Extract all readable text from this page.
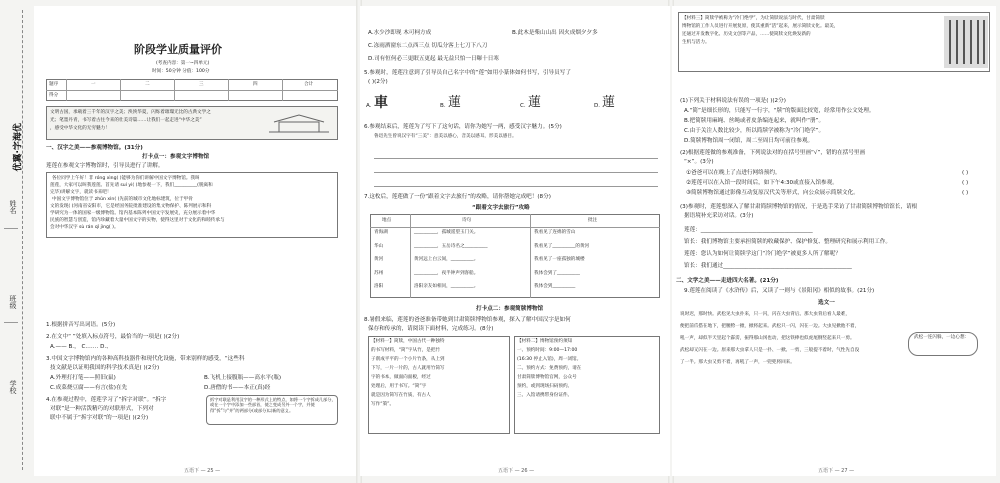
优翼·字海优
姓名
班级
学校
阶段学业质量评价
(考查内容：第一~四单元)
时间：50分钟 分值：100分
题序	一	二	三	四	合计
得分
文明古国，承载着三千年的汉字之美；泱泱华夏，闪烁着璀璨无比的古典文学之
光；笔墨丹青，书写着古往今来的壮美诗篇……让我们一起走进“中华之美”
，感受中华文化的无穷魅力！
一、汉字之美——参观博物馆。(31分)
打卡点一：参观文字博物馆
莲莲在参观文字博物馆时，引导员进行了讲解。
各位同学上午好！非 rónɡ xìnɡ( )能够为你们讲解中国文字博物馆。我叫
莲莲，大家可以叫我莲莲。首先请 suí yì( )地参观一下，我们__________(脱离和
完毕)讲解文字，就读书来吧！
中国文字博物馆位于 zhǔn xìn( )先前的城市文化地标建筑，位于甲骨
文的发现( )河南省安阳市，它是经国务院批准建设的集文物保护、陈列展示和科
学研究为一体的国家一级博物馆。馆内基本陈列中国文字发展史，充分展示着中华
民族的智慧与创造，馆内珍藏着大量中国文字的实物，使得这里对于文化的和睦传承与
会对中华汉字 sù rán qǐ jìnɡ( )。
1.根据拼音写出词语。(5分)
2.在文中“ ”处填入标点符号，最恰当的一项是( )(2分)
A.—— B.， C.…… D.、
3.中国文字博物馆内的各种高科技器件和现代化设施，带来别样的感受，“这些科
技文献是以证明我国的科学技术真是( )(2分)
A.外理打打笔——照旧(鼠)	B.飞机上接腹瓶——高水平(瓶)
C.成菜烧豆腐——有言(盐)在先	D.唐僧的书——本正(真)经
4.在参观过程中，莲莲学习了“拆字对联”。“拆字
对联”是一种活泼精巧的对联形式，下列对
联中不属于“拆字对联”的一项是( )(2分)
拆字对联是利用汉字的一种形式上的特点，如将一个字拆成几部分，或在一个字中添加一些部首，使之变成另外一个字，并使得“拆”与“并”的两部分(或部分)以新的意义。
五语下 — 25 —
A.水少沙即现 木可柯方成	B.此木是柴山山出 因火成烟夕夕多
C.冻雨洒窗东二点西三点 切瓜分客上七刀下八刀
D.司有恒何必三更眠五更起 最无益只怕一日曝十日寒
5.参观时，莲莲注意到了引导员自己名字中的“莲”如用小篆体如何书写，引导员写了
( )(2分)
A. 車	B. 蓮	C. 蓮	D. 蓮
6.参观结束后，莲莲为了写下了这句话，请你为她写一两，感受汉字魅力。(5分)
鲁迅先生曾说汉字有“三美”：意美以感心，音美以感耳，形美以感目。
7.这枚后，莲莲做了一份“跟着文字去旅行”的攻略，请你帮她完成吧！(8分)
“跟着文字去旅行”攻略
地点	诗句	批注
青海湖	__________，孤城遥望玉门关。	我看见了连绵的雪山
华山	__________，五岳诗名之__________	我看见了__________的黄河
黄河	黄河远上白云间，__________。	我看见了一座孤独的城楼
苏州	__________，夜半钟声到客船。	我体会到了__________
洛阳	洛阳亲友如相问，__________。	我体会到__________
打卡点二：参观简牍博物馆
8.暑假来临，莲莲的爸爸准备带她到甘肃简牍博物馆参观，探入了解中国汉字是如何
保存和传承的，请阅读下面材料，完成练习。(8分)
【材料一】简牍，中国古代一种独特	【材料二】博物馆预约须知
的书写材料，“简”字从竹，是把竹
子削成平平的一个小片竹条，从上到
下写，一片一片的，古人就用竹简写
字的书本，做面向面板，经过
处理后，用于书写。“简”字
就是因为简写在竹质，有古人
写作“策”。
一、预约时间：9:00—17:00
(16:30 停止入馆)，周一闭馆。
二、预约方式：免费预约，请在
甘肃简牍博物馆官网，公众号
预约，或到现场扫码预约。
三、入馆请携带身份证件。
五语下 — 26 —
【材料三】简牍学被称为“冷门绝学”，为让简牍说法与时代，甘肃简牍
博物馆的工作人员进行开展复原，使其重新“活”起来，展示简牍文化。最美，
还通过开发数字化、历史文创等产品，……使简牍文化焕发新的
生机与活力。
(1)下列关于材料说法有误的一项是( )(2分)
A.“简”是细长形的，只能写一行字，“牍”的版面比较宽，经常用作公文处理。
B.把简牍用麻绳、丝绳或者皮条编连起来，就叫作“册”。
C.由于关注人数比较少，所以简牍学被称为“冷门绝学”。
D.简牍博物馆周一闭馆，周二至周日均可前往参观。
(2)根据莲莲做的参观准备，下列说法对的在括号里画“√”，错的在括号里画
“×”。(3分)
①爸爸可以在晚上了点进行网络预约。	( )
②莲莲可以在入馆一段时间后，如下午4:30或直接入馆参观。	( )
③简牍博物馆通过影像互动复原汉代关等形式，向公众展示简牍文化。	( )
(3)参观时，莲莲想深入了解甘肃简牍博物馆的情况，于是选手采访了甘肃简牍博物馆馆长，请根
据语境补充采访对话。(3分)
莲莲：________________________________________
馆长：我们博物馆主要承担简牍的收藏保护、保护修复、整理研究和展示利用工作。
莲莲：您认为如何让简牍学这门“冷门绝学”被更多人所了解呢？
馆长：我们通过______________________________________________
二、文学之美——走进四大名著。(21分)
9.莲莲在阅读了《水浒传》后，又读了一则与《景阳冈》相似的故事。(21分)
选文一
说时迟，那时快。武松见大虫扑来，只一闪，闪在大虫背后。那大虫背后看人最难，
便把前爪搭在地下，把腰胯一掀，掀将起来。武松只一闪，闪在一边。大虫见掀他不着，
吼一声，却似半天里起个霹雳，振得那山冈也动，把这铁棒也似虎尾倒竖起来只一剪。
武松却又闪在一边。原来那大虫拿人只是一扑、一掀、一剪，三般提不着时，气性先自没
了一半。那大虫又剪不着，再吼了一声，一兜兜将回来。
武松一连闪躲，一边心想：
五语下 — 27 —
